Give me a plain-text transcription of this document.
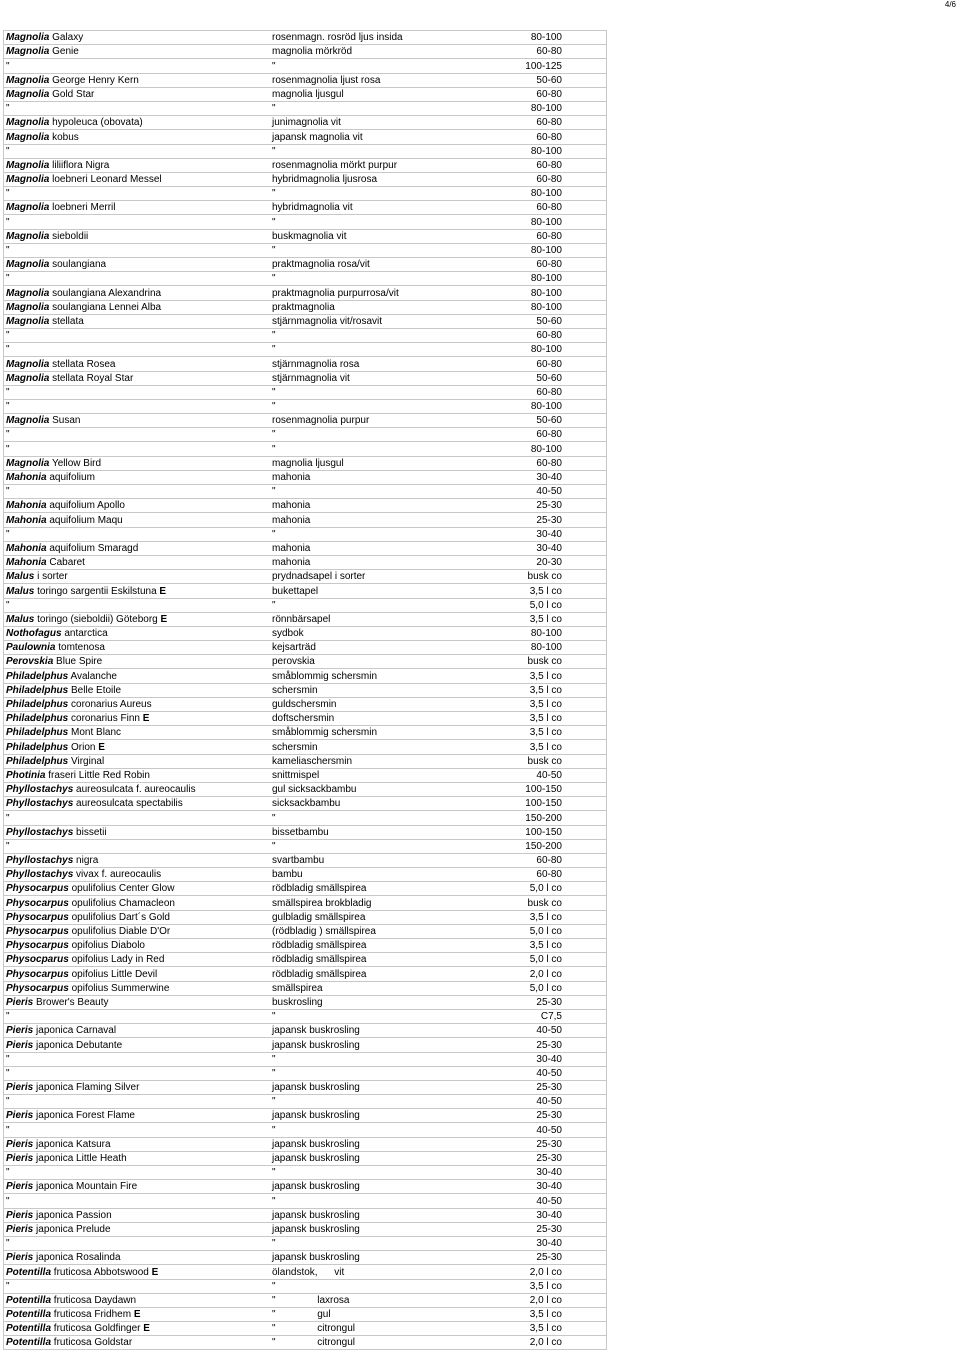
4/6
Magnolia Galaxy	rosenmagn. rosröd ljus insida	80-100
Magnolia Genie	magnolia mörkröd	60-80
"	"	100-125
Magnolia George Henry Kern	rosenmagnolia ljust rosa	50-60
Magnolia Gold Star	magnolia ljusgul	60-80
"	"	80-100
Magnolia hypoleuca (obovata)	junimagnolia vit	60-80
Magnolia kobus	japansk magnolia vit	60-80
"	"	80-100
Magnolia liliiflora Nigra	rosenmagnolia mörkt purpur	60-80
Magnolia loebneri Leonard Messel	hybridmagnolia ljusrosa	60-80
"	"	80-100
Magnolia loebneri Merril	hybridmagnolia vit	60-80
"	"	80-100
Magnolia sieboldii	buskmagnolia vit	60-80
"	"	80-100
Magnolia soulangiana	praktmagnolia rosa/vit	60-80
"	"	80-100
Magnolia soulangiana Alexandrina	praktmagnolia purpurrosa/vit	80-100
Magnolia soulangiana Lennei Alba	praktmagnolia	80-100
Magnolia stellata	stjärnmagnolia vit/rosavit	50-60
"	"	60-80
"	"	80-100
Magnolia stellata Rosea	stjärnmagnolia rosa	60-80
Magnolia stellata Royal Star	stjärnmagnolia vit	50-60
"	"	60-80
"	"	80-100
Magnolia Susan	rosenmagnolia purpur	50-60
"	"	60-80
"	"	80-100
Magnolia Yellow Bird	magnolia ljusgul	60-80
Mahonia aquifolium	mahonia	30-40
"	"	40-50
Mahonia aquifolium Apollo	mahonia	25-30
Mahonia aquifolium Maqu	mahonia	25-30
"	"	30-40
Mahonia aquifolium Smaragd	mahonia	30-40
Mahonia Cabaret	mahonia	20-30
Malus i sorter	prydnadsapel i sorter	busk co
Malus toringo sargentii Eskilstuna E	bukettapel	3,5 l co
"	"	5,0 l co
Malus toringo (sieboldii) Göteborg E	rönnbärsapel	3,5 l co
Nothofagus antarctica	sydbok	80-100
Paulownia tomtenosa	kejsarträd	80-100
Perovskia Blue Spire	perovskia	busk co
Philadelphus Avalanche	småblommig schersmin	3,5 l co
Philadelphus Belle Etoile	schersmin	3,5 l co
Philadelphus coronarius Aureus	guldschersmin	3,5 l co
Philadelphus coronarius Finn E	doftschersmin	3,5 l co
Philadelphus Mont Blanc	småblommig schersmin	3,5 l co
Philadelphus Orion E	schersmin	3,5 l co
Philadelphus Virginal	kameliaschersmin	busk co
Photinia fraseri Little Red Robin	snittmispel	40-50
Phyllostachys aureosulcata f. aureocaulis	gul sicksackbambu	100-150
Phyllostachys aureosulcata spectabilis	sicksackbambu	100-150
"	"	150-200
Phyllostachys bissetii	bissetbambu	100-150
"	"	150-200
Phyllostachys nigra	svartbambu	60-80
Phyllostachys vivax f. aureocaulis	bambu	60-80
Physocarpus opulifolius Center Glow	rödbladig smällspirea	5,0 l co
Physocarpus opulifolius Chamacleon	smällspirea brokbladig	busk co
Physocarpus opulifolius Dart´s Gold	gulbladig smällspirea	3,5 l co
Physocarpus opulifolius Diable D'Or	(rödbladig ) smällspirea	5,0 l co
Physocarpus opifolius Diabolo	rödbladig smällspirea	3,5 l co
Physocparus opifolius Lady in Red	rödbladig smällspirea	5,0 l co
Physocarpus opifolius Little Devil	rödbladig smällspirea	2,0 l co
Physocarpus opifolius Summerwine	smällspirea	5,0 l co
Pieris Brower's Beauty	buskrosling	25-30
"	"	C7,5
Pieris japonica Carnaval	japansk buskrosling	40-50
Pieris japonica Debutante	japansk buskrosling	25-30
"	"	30-40
"	"	40-50
Pieris japonica Flaming Silver	japansk buskrosling	25-30
"	"	40-50
Pieris japonica Forest Flame	japansk buskrosling	25-30
"	"	40-50
Pieris japonica Katsura	japansk buskrosling	25-30
Pieris japonica Little Heath	japansk buskrosling	25-30
"	"	30-40
Pieris japonica Mountain Fire	japansk buskrosling	30-40
"	"	40-50
Pieris japonica Passion	japansk buskrosling	30-40
Pieris japonica Prelude	japansk buskrosling	25-30
"	"	30-40
Pieris japonica Rosalinda	japansk buskrosling	25-30
Potentilla fruticosa Abbotswood E	ölandstok,      vit	2,0 l co
"	"	3,5 l co
Potentilla fruticosa Daydawn	"               laxrosa	2,0 l co
Potentilla fruticosa Fridhem E	"               gul	3,5 l co
Potentilla fruticosa Goldfinger E	"               citrongul	3,5 l co
Potentilla fruticosa Goldstar	"               citrongul	2,0 l co
